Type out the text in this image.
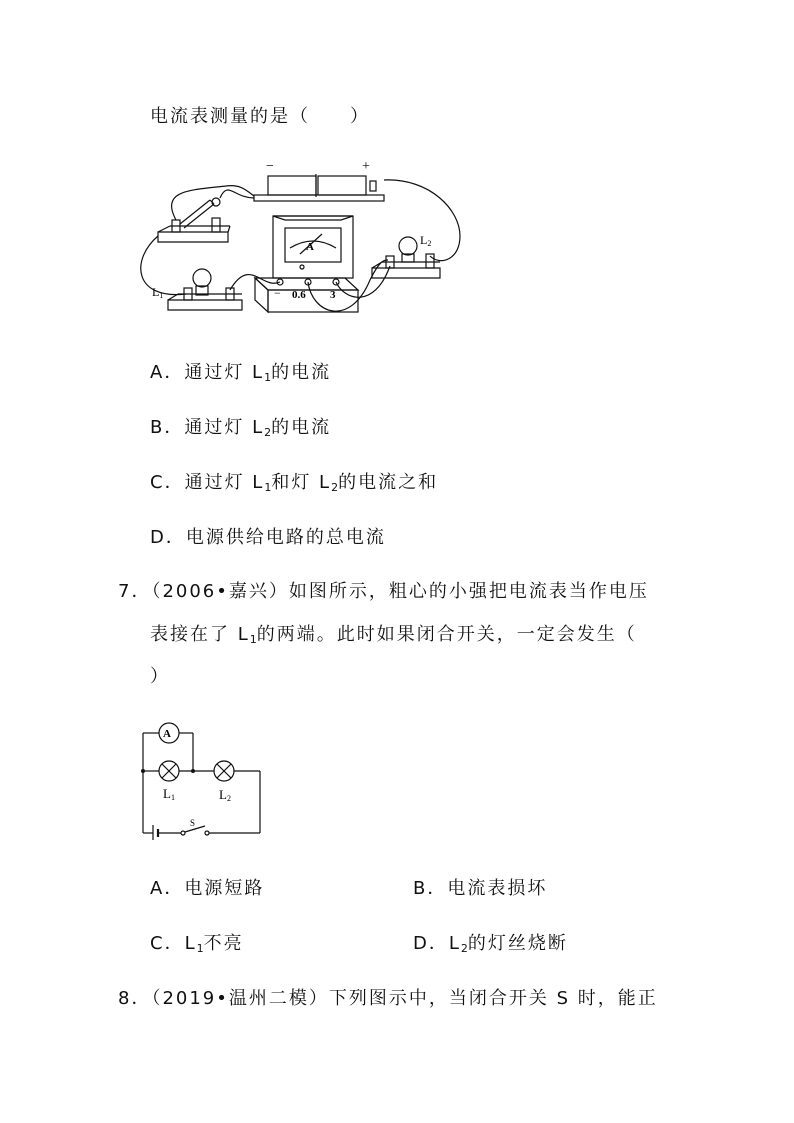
电流表测量的是（　　）
−	+
A
− 0.6 3
L1
L2
A．通过灯 $L_1$的电流
B．通过灯 $L_2$的电流
C．通过灯 $L_1$和灯 $L_2$的电流之和
D．电源供给电路的总电流
7．（2006•嘉兴）如图所示，粗心的小强把电流表当作电压
表接在了 $L_1$的两端。此时如果闭合开关，一定会发生（
）
A
L1	L2
S
A．电源短路	B．电流表损坏
C．$L_1$不亮	D．$L_2$的灯丝烧断
8．（2019•温州二模）下列图示中，当闭合开关 S 时，能正
